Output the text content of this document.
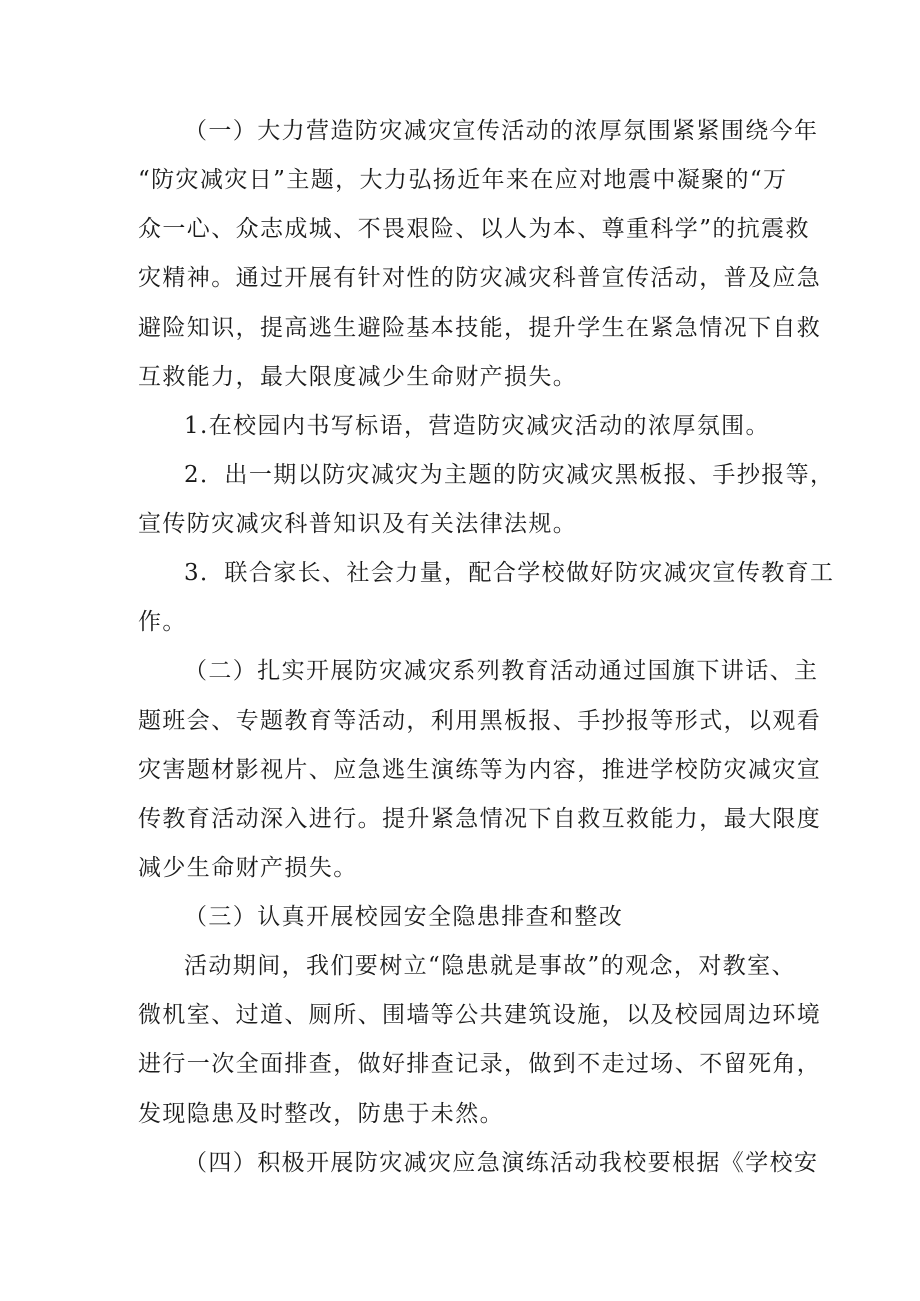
（一）大力营造防灾减灾宣传活动的浓厚氛围紧紧围绕今年
“防灾减灾日”主题，大力弘扬近年来在应对地震中凝聚的“万
众一心、众志成城、不畏艰险、以人为本、尊重科学”的抗震救
灾精神。通过开展有针对性的防灾减灾科普宣传活动，普及应急
避险知识，提高逃生避险基本技能，提升学生在紧急情况下自救
互救能力，最大限度减少生命财产损失。
1.在校园内书写标语，营造防灾减灾活动的浓厚氛围。
2．出一期以防灾减灾为主题的防灾减灾黑板报、手抄报等，
宣传防灾减灾科普知识及有关法律法规。
3．联合家长、社会力量，配合学校做好防灾减灾宣传教育工
作。
（二）扎实开展防灾减灾系列教育活动通过国旗下讲话、主
题班会、专题教育等活动，利用黑板报、手抄报等形式，以观看
灾害题材影视片、应急逃生演练等为内容，推进学校防灾减灾宣
传教育活动深入进行。提升紧急情况下自救互救能力，最大限度
减少生命财产损失。
（三）认真开展校园安全隐患排查和整改
活动期间，我们要树立“隐患就是事故”的观念，对教室、
微机室、过道、厕所、围墙等公共建筑设施，以及校园周边环境
进行一次全面排查，做好排查记录，做到不走过场、不留死角，
发现隐患及时整改，防患于未然。
（四）积极开展防灾减灾应急演练活动我校要根据《学校安
